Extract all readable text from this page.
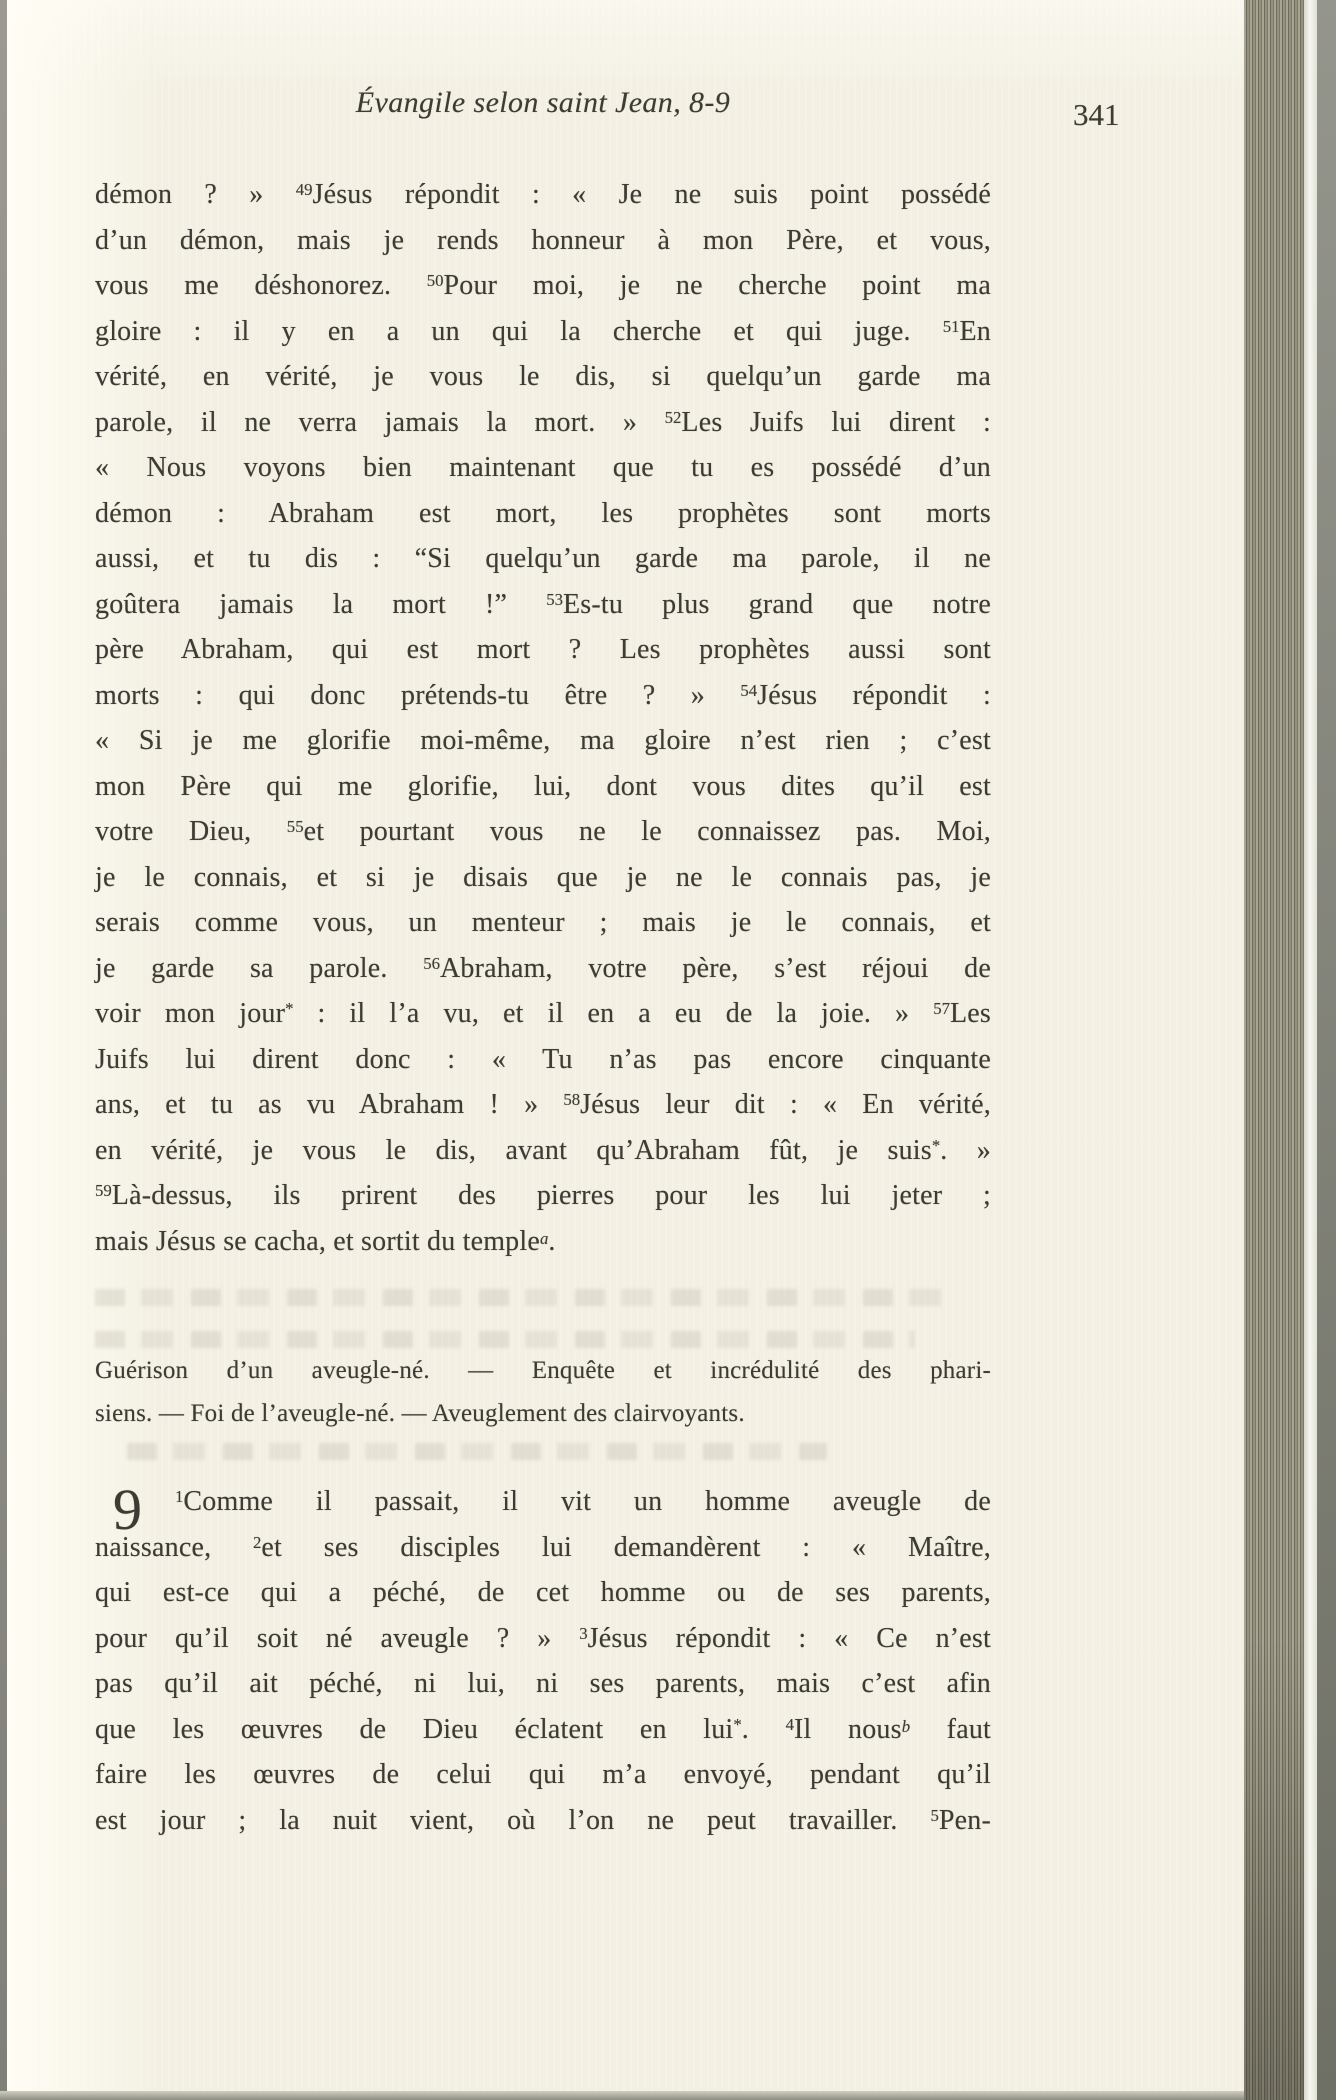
Évangile selon saint Jean, 8-9
démon ? » $^{49}$Jésus répondit : « Je ne suis point possédé
d’un démon, mais je rends honneur à mon Père, et vous,
vous me déshonorez. $^{50}$Pour moi, je ne cherche point ma
gloire : il y en a un qui la cherche et qui juge. $^{51}$En
vérité, en vérité, je vous le dis, si quelqu’un garde ma
parole, il ne verra jamais la mort. » $^{52}$Les Juifs lui dirent :
« Nous voyons bien maintenant que tu es possédé d’un
démon : Abraham est mort, les prophètes sont morts
aussi, et tu dis : “Si quelqu’un garde ma parole, il ne
goûtera jamais la mort !” $^{53}$Es-tu plus grand que notre
père Abraham, qui est mort ? Les prophètes aussi sont
morts : qui donc prétends-tu être ? » $^{54}$Jésus répondit :
« Si je me glorifie moi-même, ma gloire n’est rien ; c’est
mon Père qui me glorifie, lui, dont vous dites qu’il est
votre Dieu, $^{55}$et pourtant vous ne le connaissez pas. Moi,
je le connais, et si je disais que je ne le connais pas, je
serais comme vous, un menteur ; mais je le connais, et
je garde sa parole. $^{56}$Abraham, votre père, s’est réjoui de
voir mon jour* : il l’a vu, et il en a eu de la joie. » $^{57}$Les
Juifs lui dirent donc : « Tu n’as pas encore cinquante
ans, et tu as vu Abraham ! » $^{58}$Jésus leur dit : « En vérité,
en vérité, je vous le dis, avant qu’Abraham fût, je suis*. »
$^{59}$Là-dessus, ils prirent des pierres pour les lui jeter ;
mais Jésus se cacha, et sortit du temple$^a$.
Guérison d’un aveugle-né. — Enquête et incrédulité des phari-
siens. — Foi de l’aveugle-né. — Aveuglement des clairvoyants.
9	$^1$Comme il passait, il vit un homme aveugle de
naissance, $^2$et ses disciples lui demandèrent : « Maître,
qui est-ce qui a péché, de cet homme ou de ses parents,
pour qu’il soit né aveugle ? » $^3$Jésus répondit : « Ce n’est
pas qu’il ait péché, ni lui, ni ses parents, mais c’est afin
que les œuvres de Dieu éclatent en lui*. $^4$Il nous$^b$ faut
faire les œuvres de celui qui m’a envoyé, pendant qu’il
est jour ; la nuit vient, où l’on ne peut travailler. $^5$Pen-
341
